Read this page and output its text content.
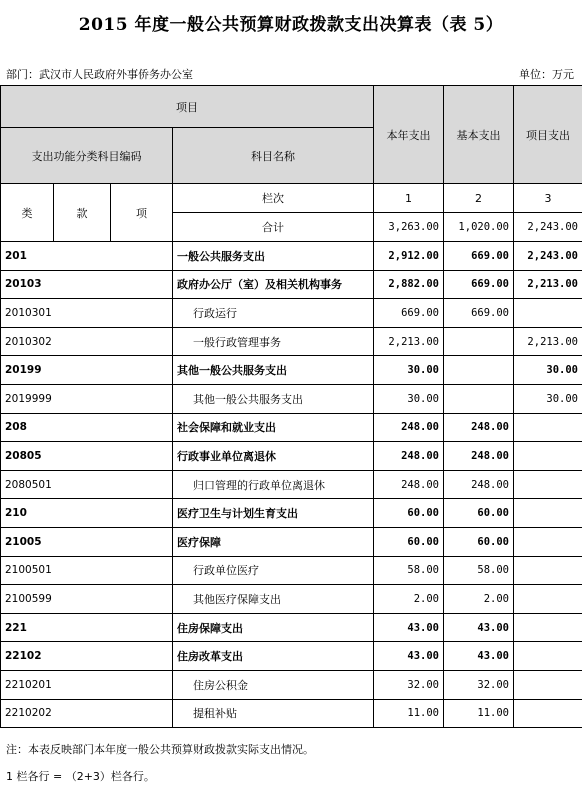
2015 年度一般公共预算财政拨款支出决算表（表 5）
部门：武汉市人民政府外事侨务办公室	单位：万元
项目				本年支出	基本支出	项目支出
支出功能分类科目编码			科目名称			
类	款	项	栏次	1	2	3
			合计	3,263.00	1,020.00	2,243.00
201			一般公共服务支出	2,912.00	669.00	2,243.00
20103			政府办公厅（室）及相关机构事务	2,882.00	669.00	2,213.00
2010301			行政运行	669.00	669.00	
2010302			一般行政管理事务	2,213.00		2,213.00
20199			其他一般公共服务支出	30.00		30.00
2019999			其他一般公共服务支出	30.00		30.00
208			社会保障和就业支出	248.00	248.00	
20805			行政事业单位离退休	248.00	248.00	
2080501			归口管理的行政单位离退休	248.00	248.00	
210			医疗卫生与计划生育支出	60.00	60.00	
21005			医疗保障	60.00	60.00	
2100501			行政单位医疗	58.00	58.00	
2100599			其他医疗保障支出	2.00	2.00	
221			住房保障支出	43.00	43.00	
22102			住房改革支出	43.00	43.00	
2210201			住房公积金	32.00	32.00	
2210202			提租补贴	11.00	11.00	
注：本表反映部门本年度一般公共预算财政拨款实际支出情况。
1 栏各行 = （2+3）栏各行。
